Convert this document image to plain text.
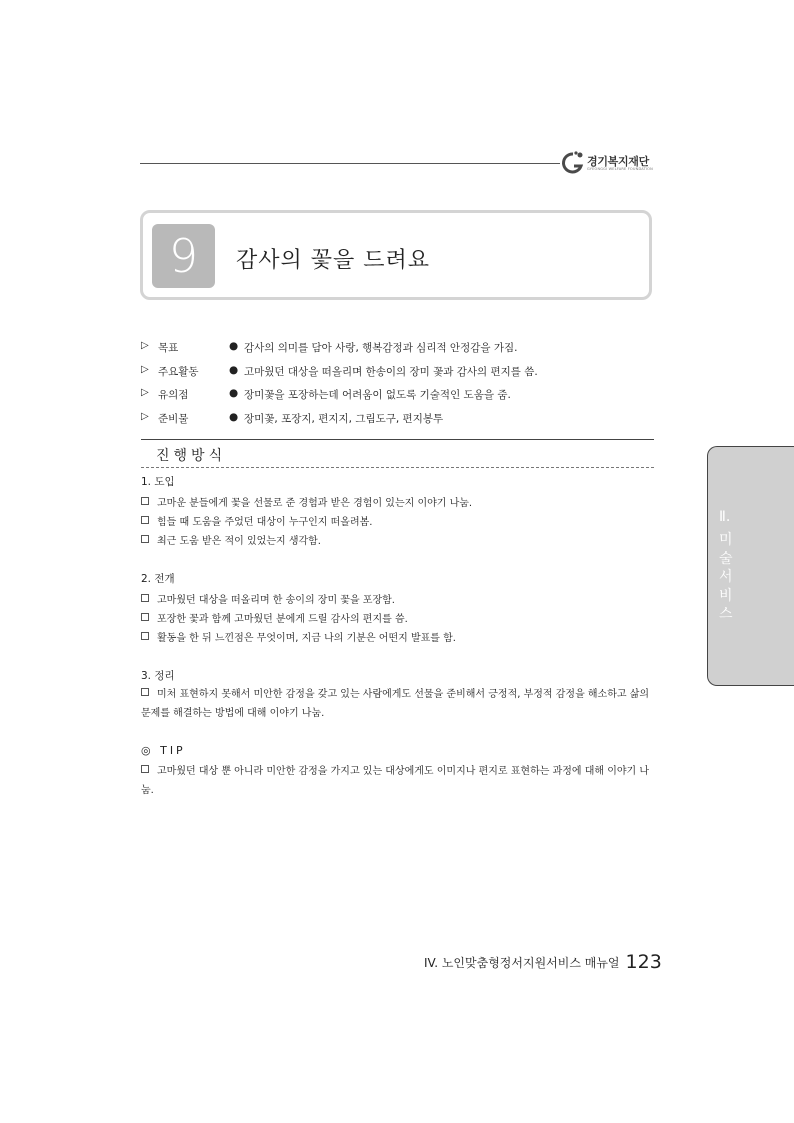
경기복지재단
GYEONGGI WELFARE FOUNDATION
9	감사의 꽃을 드려요
▷ 목표	● 감사의 의미를 담아 사랑, 행복감정과 심리적 안정감을 가짐.
▷ 주요활동	● 고마웠던 대상을 떠올리며 한송이의 장미 꽃과 감사의 편지를 씀.
▷ 유의점	● 장미꽃을 포장하는데 어려움이 없도록 기술적인 도움을 줌.
▷ 준비물	● 장미꽃, 포장지, 편지지, 그림도구, 편지봉투
진행방식
1. 도입
고마운 분들에게 꽃을 선물로 준 경험과 받은 경험이 있는지 이야기 나눔.
힘들 때 도움을 주었던 대상이 누구인지 떠올려봄.
최근 도움 받은 적이 있었는지 생각함.
2. 전개
고마웠던 대상을 떠올리며 한 송이의 장미 꽃을 포장함.
포장한 꽃과 함께 고마웠던 분에게 드릴 감사의 편지를 씀.
활동을 한 뒤 느낀점은 무엇이며, 지금 나의 기분은 어떤지 발표를 함.
3. 정리
미처 표현하지 못해서 미안한 감정을 갖고 있는 사람에게도 선물을 준비해서 긍정적, 부정적 감정을 해소하고 삶의 문제를 해결하는 방법에 대해 이야기 나눔.
◎ TIP
고마웠던 대상 뿐 아니라 미안한 감정을 가지고 있는 대상에게도 이미지나 편지로 표현하는 과정에 대해 이야기 나눔.
Ⅱ.
미술서비스
IV. 노인맞춤형정서지원서비스 매뉴얼 123
